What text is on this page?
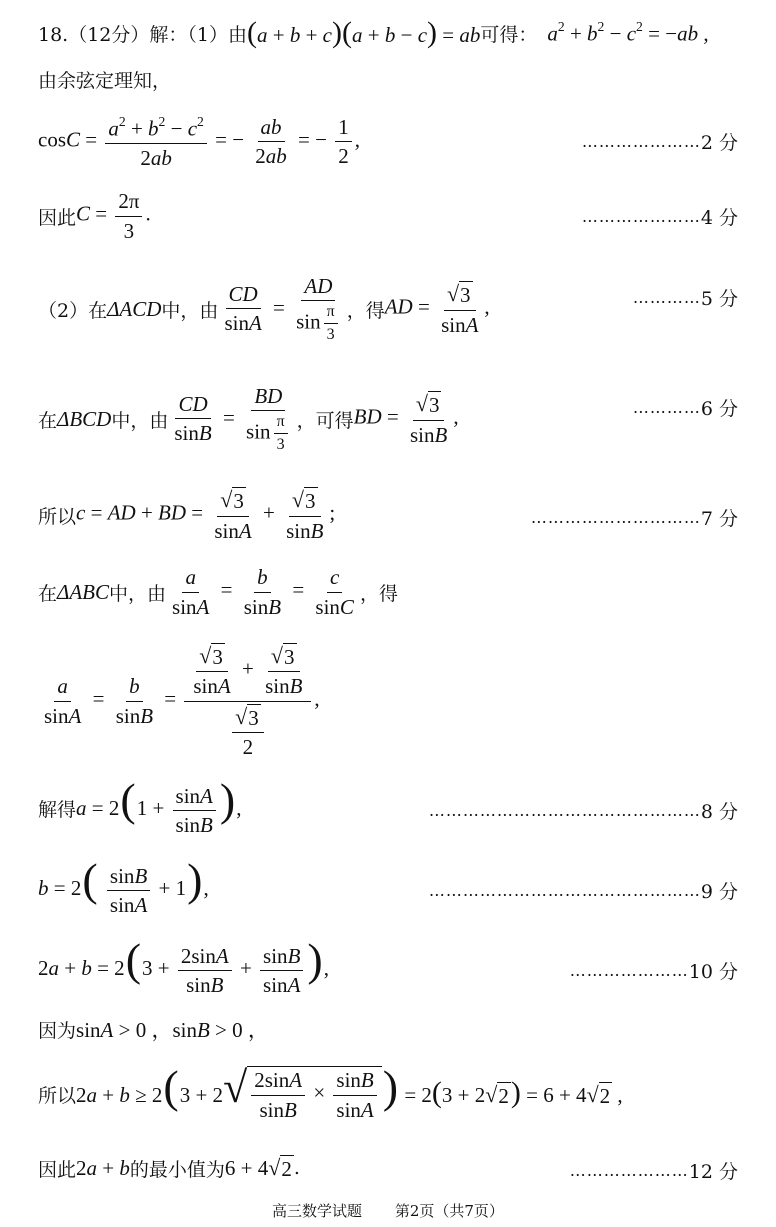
18.（12分）解：（1）由 (a + b + c)(a + b − c) = ab 可得： $a^2 + b^2 - c^2 = -ab$ ,
由余弦定理知，
$\cos C = \frac{a^2 + b^2 - c^2}{2ab}$ = − $\frac{ab}{2ab}$ = − $\frac{1}{2}$ ,	………………… 2 分
因此 $C = \frac{2\pi}{3}$ .	………………… 4 分
（2）在 ΔACD 中，由 $\frac{CD}{\sin A} = \frac{AD}{\sin \frac{\pi}{3}}$ ，得 AD = $\frac{√ 3}{\sin A}$ ,	………… 5 分
在 ΔBCD 中，由 $\frac{CD}{\sin B} = \frac{BD}{\sin \frac{\pi}{3}}$ ，可得 BD = $\frac{√ 3}{\sin B}$ ,	………… 6 分
所以 c = AD + BD = $\frac{√ 3}{\sin A} + \frac{√ 3}{\sin B}$ ;	………………………… 7 分
在 ΔABC 中，由 $\frac{a}{\sin A} = \frac{b}{\sin B} = \frac{c}{\sin C}$ ，得
$\frac{a}{\sin A} = \frac{b}{\sin B} = \frac{\frac{√ 3}{\sin A} + \frac{√ 3}{\sin B}}{\frac{√ 3}{2}}$ ,
解得 $a = 2(1 + \frac{\sin A}{\sin B}$ ),	………………………………………… 8 分
$b = 2( \frac{\sin B}{\sin A} + 1)$,	………………………………………… 9 分
$2a + b = 2(3 + \frac{2\sin A}{\sin B} + \frac{\sin B}{\sin A}$ ),	………………… 10 分
因为 sinA > 0 ，sinB > 0 ，
所以 2a + b ≥ 2(3 + 2 √ $\frac{2\sin A}{\sin B} \times \frac{\sin B}{\sin A}$ ) = 2(3 + 2 √ 2 ) = 6 + 4 √ 2 ,
因此 2a + b 的最小值为 6 + 4 √ 2 .	………………… 12 分
高三数学试题 第2页（共7页）
